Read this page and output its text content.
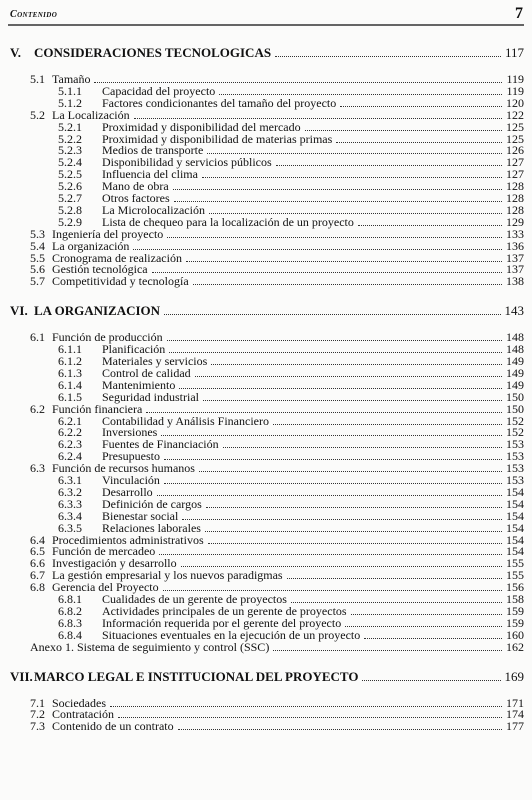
Contenido	7
V.	CONSIDERACIONES TECNOLOGICAS	117
5.1 Tamaño	119
5.1.1	Capacidad del proyecto	119
5.1.2	Factores condicionantes del tamaño del proyecto	120
5.2 La Localización	122
5.2.1	Proximidad y disponibilidad del mercado	125
5.2.2	Proximidad y disponibilidad de materias primas	125
5.2.3	Medios de transporte	126
5.2.4	Disponibilidad y servicios públicos	127
5.2.5	Influencia del clima	127
5.2.6	Mano de obra	128
5.2.7	Otros factores	128
5.2.8	La Microlocalización	128
5.2.9	Lista de chequeo para la localización de un proyecto	129
5.3 Ingeniería del proyecto	133
5.4 La organización	136
5.5 Cronograma de realización	137
5.6 Gestión tecnológica	137
5.7 Competitividad y tecnología	138
VI. LA ORGANIZACION	143
6.1 Función de producción	148
6.1.1	Planificación	148
6.1.2	Materiales y servicios	149
6.1.3	Control de calidad	149
6.1.4	Mantenimiento	149
6.1.5	Seguridad industrial	150
6.2 Función financiera	150
6.2.1	Contabilidad y Análisis Financiero	152
6.2.2	Inversiones	152
6.2.3	Fuentes de Financiación	153
6.2.4	Presupuesto	153
6.3 Función de recursos humanos	153
6.3.1	Vinculación	153
6.3.2	Desarrollo	154
6.3.3	Definición de cargos	154
6.3.4	Bienestar social	154
6.3.5	Relaciones laborales	154
6.4 Procedimientos administrativos	154
6.5 Función de mercadeo	154
6.6 Investigación y desarrollo	155
6.7 La gestión empresarial y los nuevos paradigmas	155
6.8 Gerencia del Proyecto	156
6.8.1	Cualidades de un gerente de proyectos	158
6.8.2	Actividades principales de un gerente de proyectos	159
6.8.3	Información requerida por el gerente del proyecto	159
6.8.4	Situaciones eventuales en la ejecución de un proyecto	160
Anexo 1. Sistema de seguimiento y control (SSC)	162
VII. MARCO LEGAL E INSTITUCIONAL DEL PROYECTO	169
7.1 Sociedades	171
7.2 Contratación	174
7.3 Contenido de un contrato	177
